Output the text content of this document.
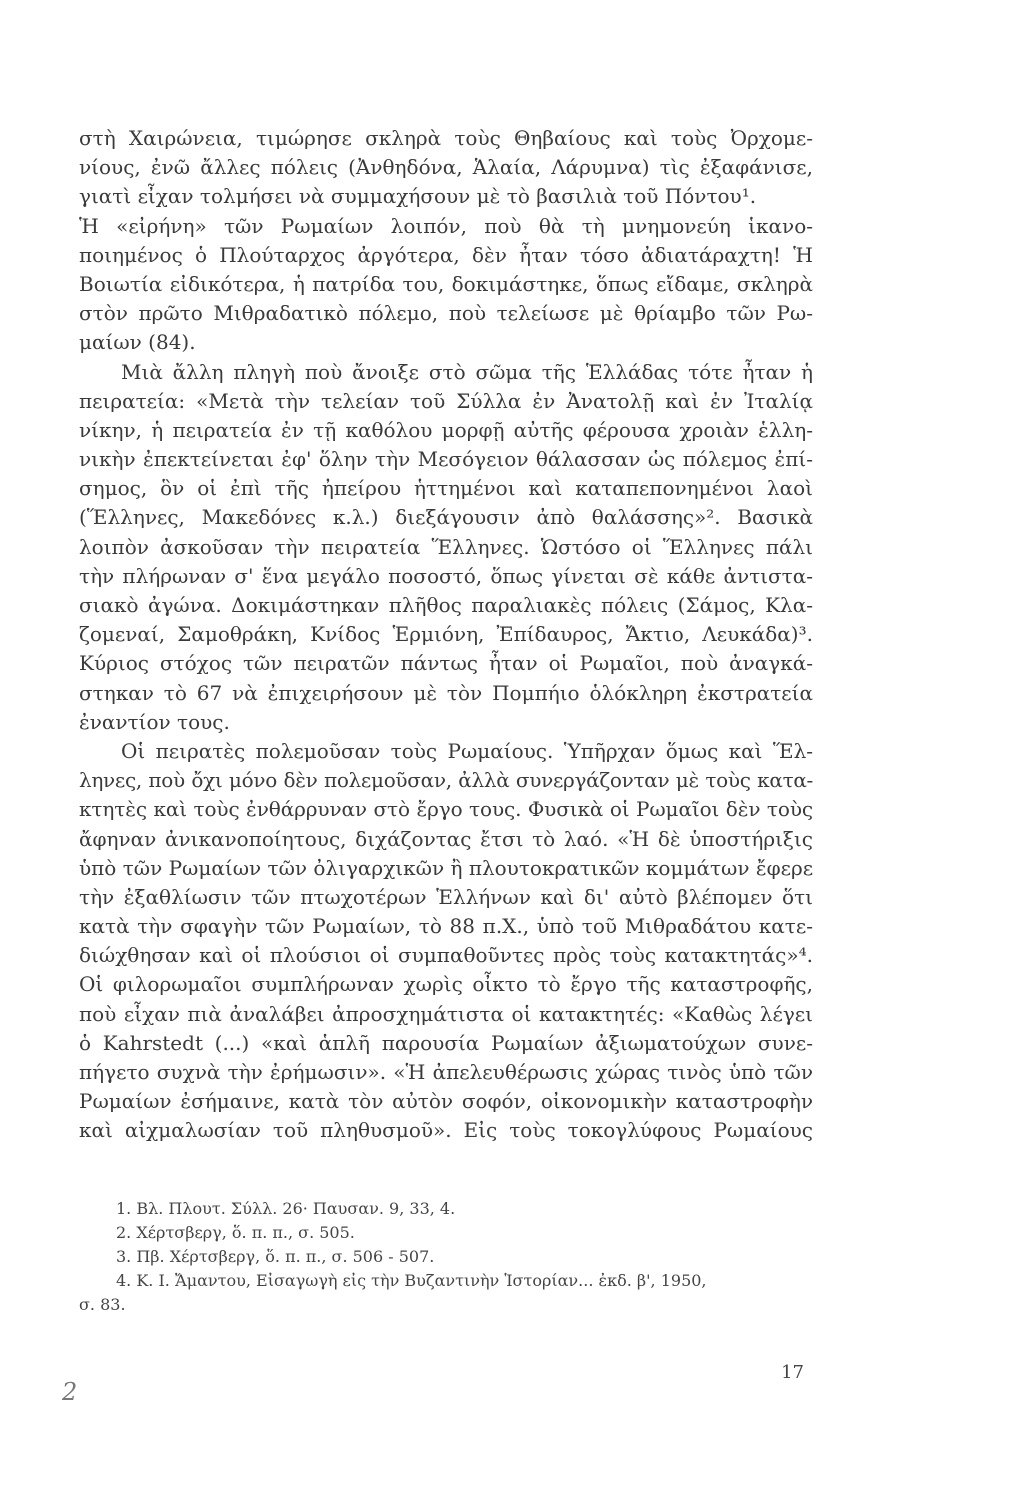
στὴ Χαιρώνεια, τιμώρησε σκληρὰ τοὺς Θηβαίους καὶ τοὺς Ὀρχομε-
νίους, ἐνῶ ἄλλες πόλεις (Ἀνθηδόνα, Ἁλαία, Λάρυμνα) τὶς ἐξαφάνισε,
γιατὶ εἶχαν τολμήσει νὰ συμμαχήσουν μὲ τὸ βασιλιὰ τοῦ Πόντου¹.
Ἡ «εἰρήνη» τῶν Ρωμαίων λοιπόν, ποὺ θὰ τὴ μνημονεύη ἱκανο-
ποιημένος ὁ Πλούταρχος ἀργότερα, δὲν ἦταν τόσο ἀδιατάραχτη! Ἡ
Βοιωτία εἰδικότερα, ἡ πατρίδα του, δοκιμάστηκε, ὅπως εἴδαμε, σκληρὰ
στὸν πρῶτο Μιθραδατικὸ πόλεμο, ποὺ τελείωσε μὲ θρίαμβο τῶν Ρω-
μαίων (84).
Μιὰ ἄλλη πληγὴ ποὺ ἄνοιξε στὸ σῶμα τῆς Ἑλλάδας τότε ἦταν ἡ
πειρατεία: «Μετὰ τὴν τελείαν τοῦ Σύλλα ἐν Ἀνατολῇ καὶ ἐν Ἰταλίᾳ
νίκην, ἡ πειρατεία ἐν τῇ καθόλου μορφῇ αὐτῆς φέρουσα χροιὰν ἑλλη-
νικὴν ἐπεκτείνεται ἐφ' ὅλην τὴν Μεσόγειον θάλασσαν ὡς πόλεμος ἐπί-
σημος, ὃν οἱ ἐπὶ τῆς ἠπείρου ἡττημένοι καὶ καταπεπονημένοι λαοὶ
(Ἕλληνες, Μακεδόνες κ.λ.) διεξάγουσιν ἀπὸ θαλάσσης»². Βασικὰ
λοιπὸν ἀσκοῦσαν τὴν πειρατεία Ἕλληνες. Ὡστόσο οἱ Ἕλληνες πάλι
τὴν πλήρωναν σ' ἕνα μεγάλο ποσοστό, ὅπως γίνεται σὲ κάθε ἀντιστα-
σιακὸ ἀγώνα. Δοκιμάστηκαν πλῆθος παραλιακὲς πόλεις (Σάμος, Κλα-
ζομεναί, Σαμοθράκη, Κνίδος Ἑρμιόνη, Ἐπίδαυρος, Ἄκτιο, Λευκάδα)³.
Κύριος στόχος τῶν πειρατῶν πάντως ἦταν οἱ Ρωμαῖοι, ποὺ ἀναγκά-
στηκαν τὸ 67 νὰ ἐπιχειρήσουν μὲ τὸν Πομπήιο ὁλόκληρη ἐκστρατεία
ἐναντίον τους.
Οἱ πειρατὲς πολεμοῦσαν τοὺς Ρωμαίους. Ὑπῆρχαν ὅμως καὶ Ἕλ-
ληνες, ποὺ ὄχι μόνο δὲν πολεμοῦσαν, ἀλλὰ συνεργάζονταν μὲ τοὺς κατα-
κτητὲς καὶ τοὺς ἐνθάρρυναν στὸ ἔργο τους. Φυσικὰ οἱ Ρωμαῖοι δὲν τοὺς
ἄφηναν ἀνικανοποίητους, διχάζοντας ἔτσι τὸ λαό. «Ἡ δὲ ὑποστήριξις
ὑπὸ τῶν Ρωμαίων τῶν ὀλιγαρχικῶν ἢ πλουτοκρατικῶν κομμάτων ἔφερε
τὴν ἐξαθλίωσιν τῶν πτωχοτέρων Ἑλλήνων καὶ δι' αὐτὸ βλέπομεν ὅτι
κατὰ τὴν σφαγὴν τῶν Ρωμαίων, τὸ 88 π.Χ., ὑπὸ τοῦ Μιθραδάτου κατε-
διώχθησαν καὶ οἱ πλούσιοι οἱ συμπαθοῦντες πρὸς τοὺς κατακτητάς»⁴.
Οἱ φιλορωμαῖοι συμπλήρωναν χωρὶς οἶκτο τὸ ἔργο τῆς καταστροφῆς,
ποὺ εἶχαν πιὰ ἀναλάβει ἀπροσχημάτιστα οἱ κατακτητές: «Καθὼς λέγει
ὁ Kahrstedt (...) «καὶ ἁπλῆ παρουσία Ρωμαίων ἀξιωματούχων συνε-
πήγετο συχνὰ τὴν ἐρήμωσιν». «Ἡ ἀπελευθέρωσις χώρας τινὸς ὑπὸ τῶν
Ρωμαίων ἐσήμαινε, κατὰ τὸν αὐτὸν σοφόν, οἰκονομικὴν καταστροφὴν
καὶ αἰχμαλωσίαν τοῦ πληθυσμοῦ». Εἰς τοὺς τοκογλύφους Ρωμαίους
1. Βλ. Πλουτ. Σύλλ. 26· Παυσαν. 9, 33, 4.
2. Χέρτσβεργ, ὅ. π. π., σ. 505.
3. Πβ. Χέρτσβεργ, ὅ. π. π., σ. 506 - 507.
4. Κ. Ι. Ἄμαντου, Εἰσαγωγὴ εἰς τὴν Βυζαντινὴν Ἱστορίαν... ἐκδ. β', 1950,
σ. 83.
17
2
